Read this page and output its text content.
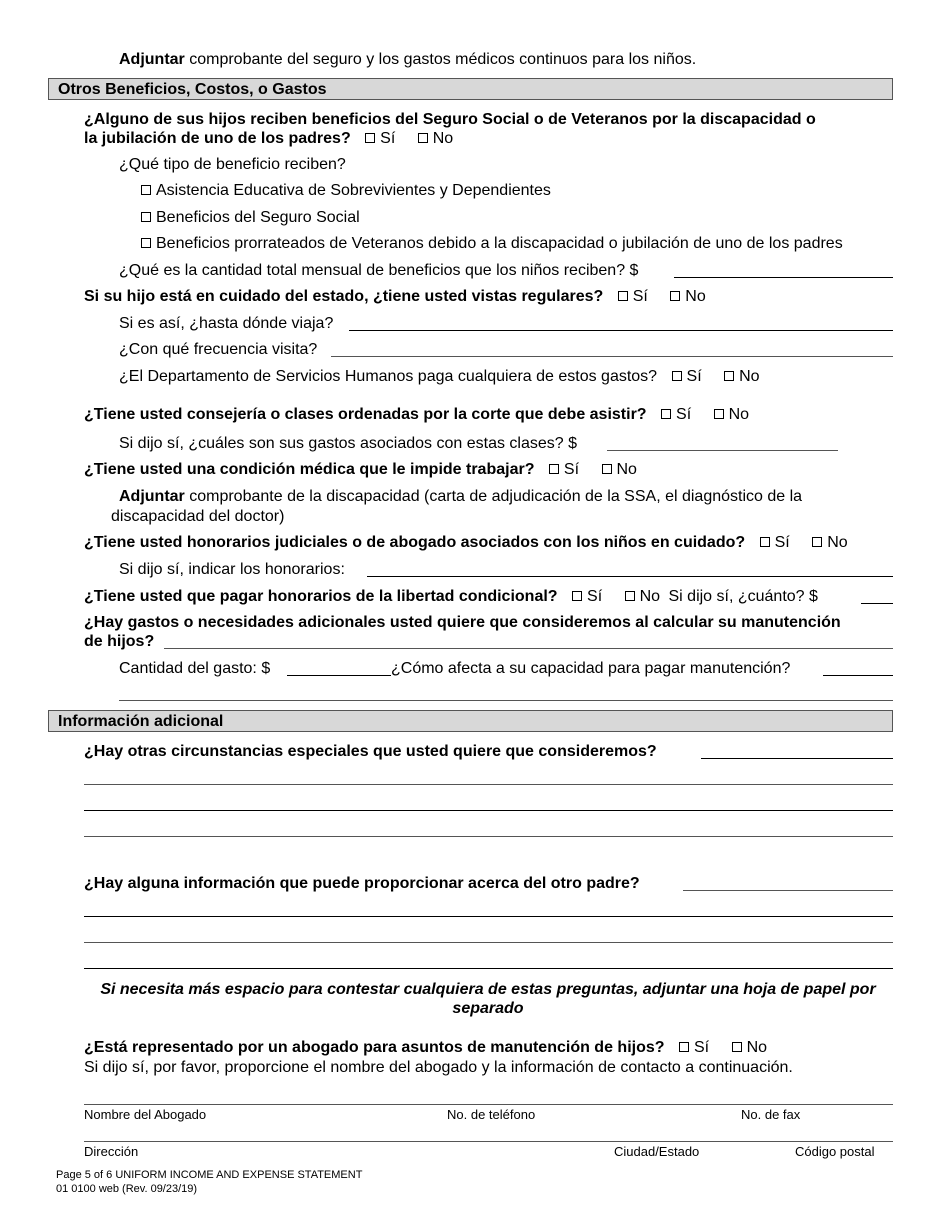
Adjuntar comprobante del seguro y los gastos médicos continuos para los niños.
Otros Beneficios, Costos, o Gastos
¿Alguno de sus hijos reciben beneficios del Seguro Social o de Veteranos por la discapacidad o
la jubilación de uno de los padres? Sí No
¿Qué tipo de beneficio reciben?
Asistencia Educativa de Sobrevivientes y Dependientes
Beneficios del Seguro Social
Beneficios prorrateados de Veteranos debido a la discapacidad o jubilación de uno de los padres
¿Qué es la cantidad total mensual de beneficios que los niños reciben? $
Si su hijo está en cuidado del estado, ¿tiene usted vistas regulares? Sí No
Si es así, ¿hasta dónde viaja?
¿Con qué frecuencia visita?
¿El Departamento de Servicios Humanos paga cualquiera de estos gastos? Sí No
¿Tiene usted consejería o clases ordenadas por la corte que debe asistir? Sí No
Si dijo sí, ¿cuáles son sus gastos asociados con estas clases? $
¿Tiene usted una condición médica que le impide trabajar? Sí No
Adjuntar comprobante de la discapacidad (carta de adjudicación de la SSA, el diagnóstico de la
discapacidad del doctor)
¿Tiene usted honorarios judiciales o de abogado asociados con los niños en cuidado? Sí No
Si dijo sí, indicar los honorarios:
¿Tiene usted que pagar honorarios de la libertad condicional? Sí No Si dijo sí, ¿cuánto? $
¿Hay gastos o necesidades adicionales usted quiere que consideremos al calcular su manutención
de hijos?
Cantidad del gasto: $	¿Cómo afecta a su capacidad para pagar manutención?
Información adicional
¿Hay otras circunstancias especiales que usted quiere que consideremos?
¿Hay alguna información que puede proporcionar acerca del otro padre?
Si necesita más espacio para contestar cualquiera de estas preguntas, adjuntar una hoja de papel por separado
¿Está representado por un abogado para asuntos de manutención de hijos? Sí No
Si dijo sí, por favor, proporcione el nombre del abogado y la información de contacto a continuación.
Nombre del Abogado	No. de teléfono	No. de fax
Dirección	Ciudad/Estado	Código postal
Page 5 of 6 UNIFORM INCOME AND EXPENSE STATEMENT
01 0100 web (Rev. 09/23/19)
